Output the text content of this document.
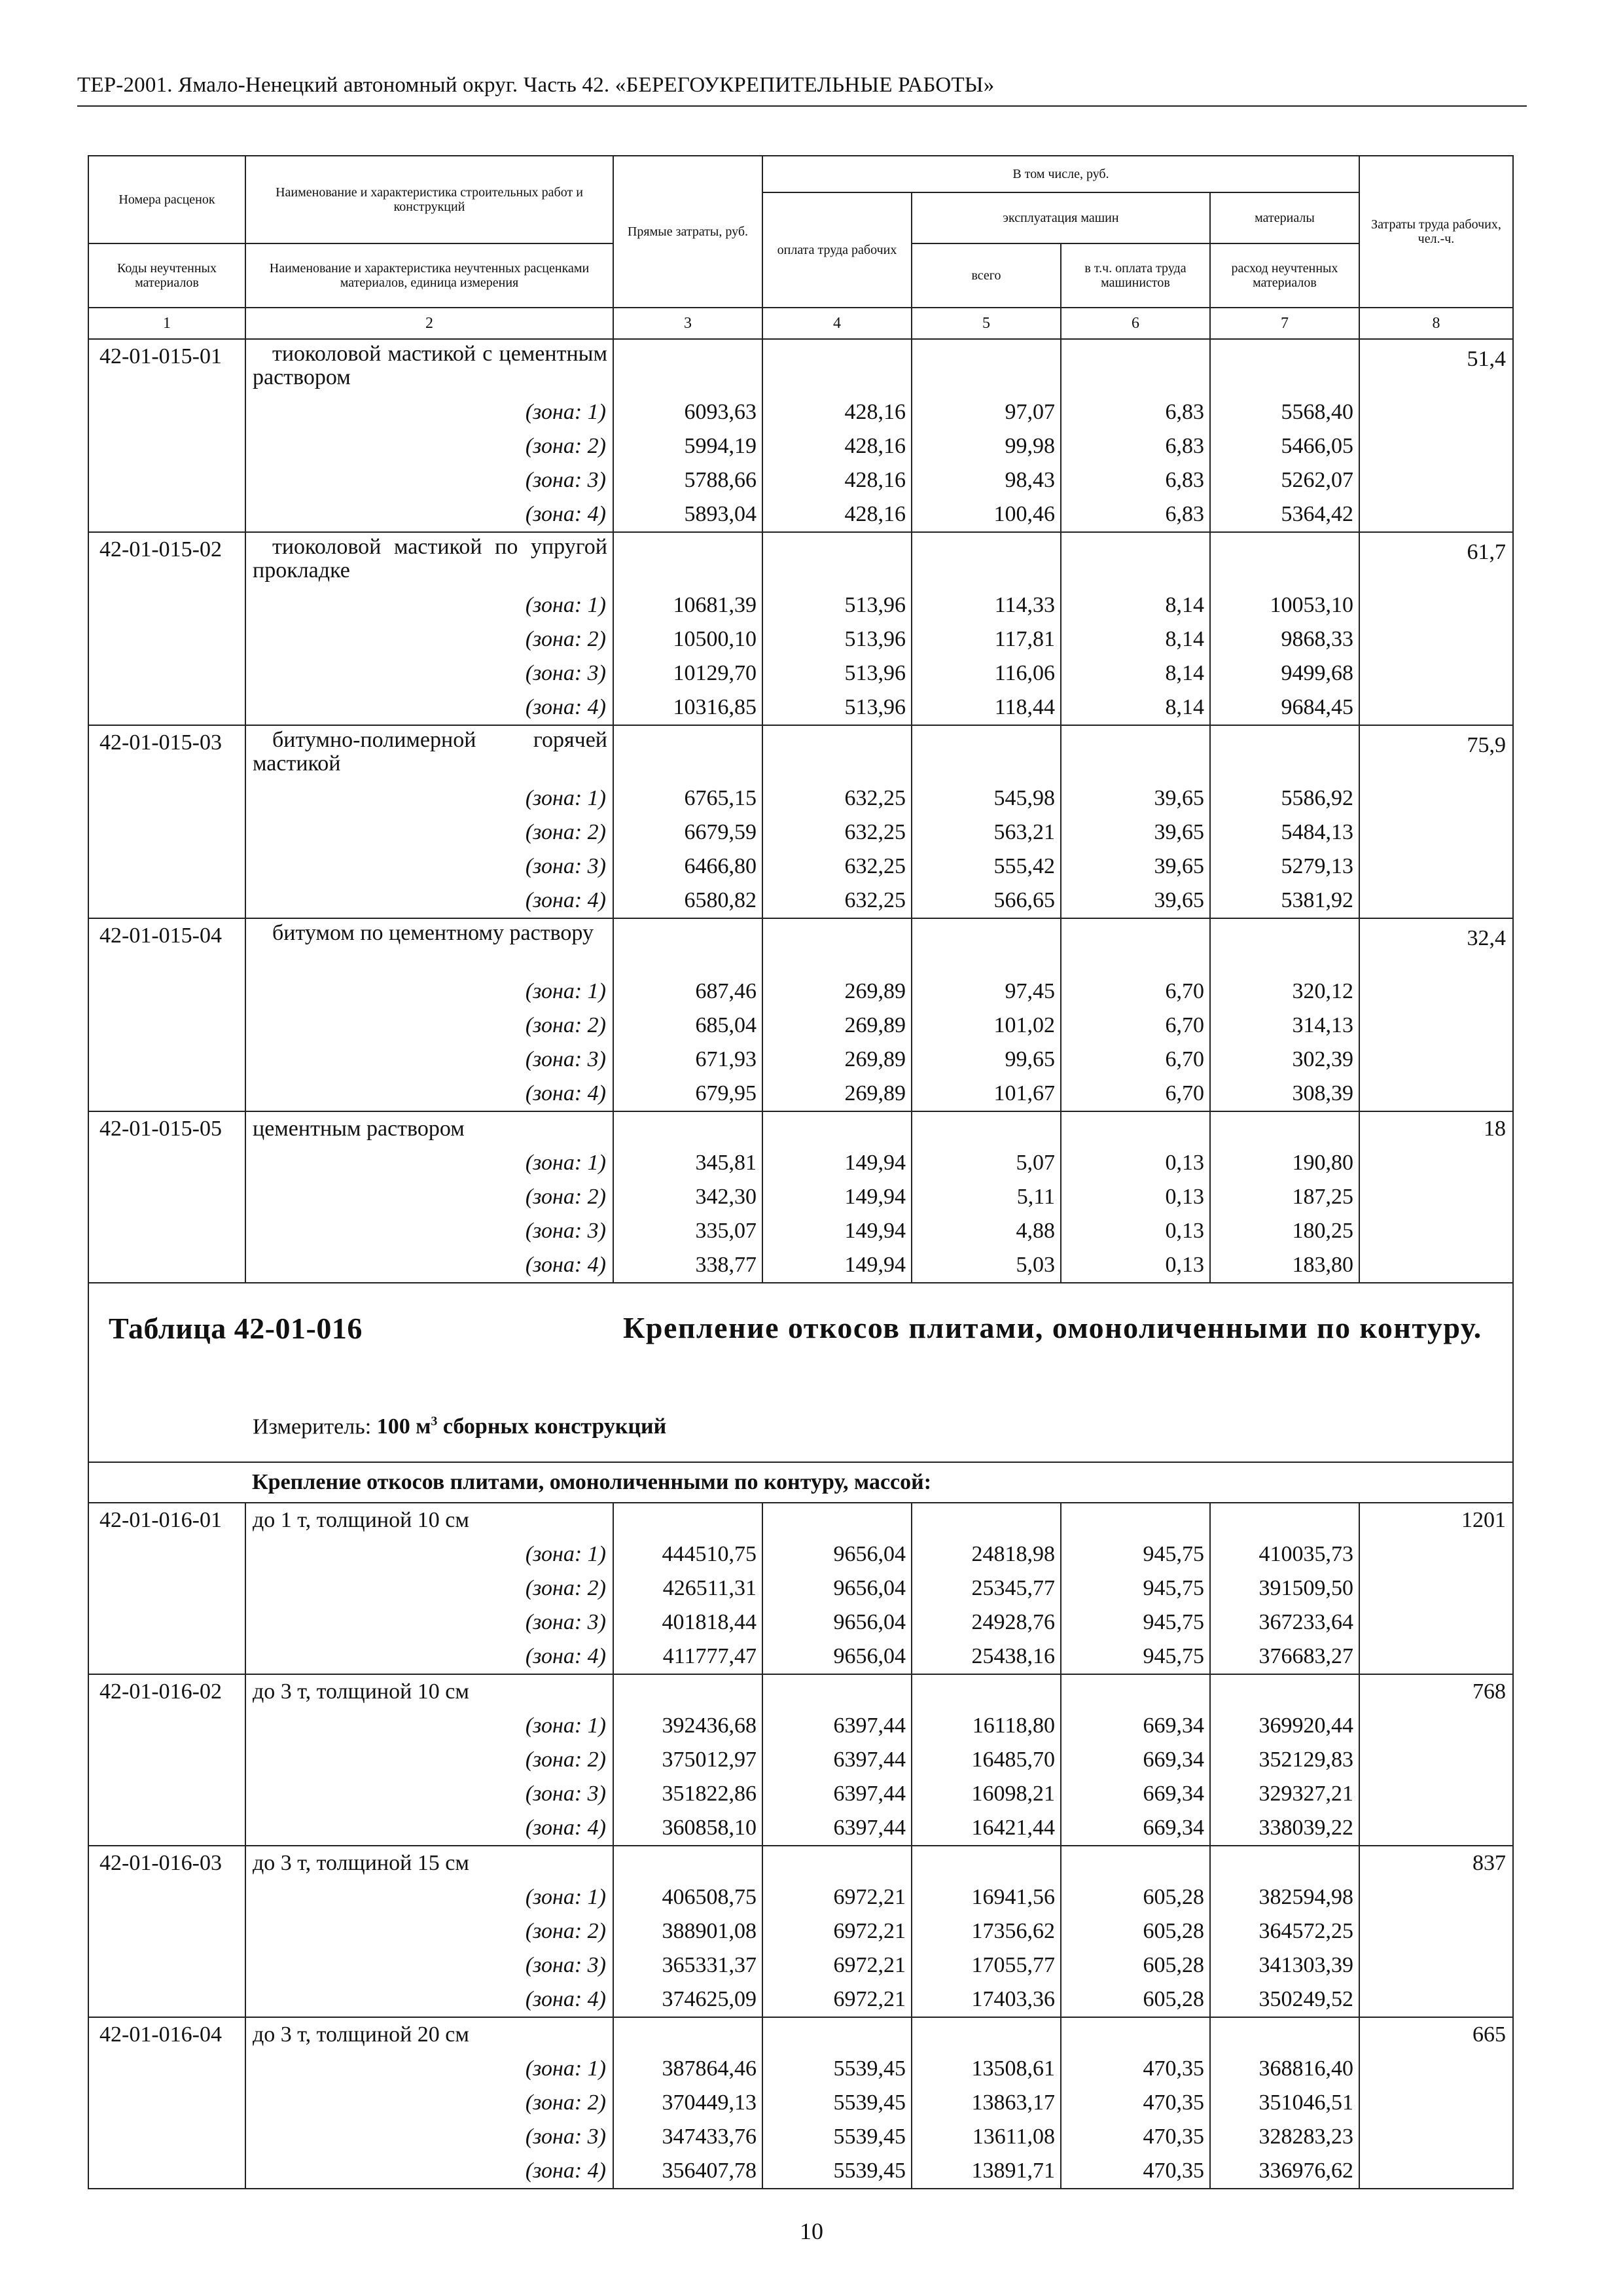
ТЕР-2001. Ямало-Ненецкий автономный округ. Часть 42. «БЕРЕГОУКРЕПИТЕЛЬНЫЕ РАБОТЫ»
Номера расценок	Наименование и характеристика строительных работ и конструкций	Прямые затраты, руб.	В том числе, руб.				Затраты труда рабочих, чел.-ч.
			оплата труда рабочих	эксплуатация машин		материалы	
Коды неучтенных материалов	Наименование и характеристика неучтенных расценками материалов, единица измерения			всего	в т.ч. оплата труда машинистов	расход неучтенных материалов	
1	2	3	4	5	6	7	8
42-01-015-01	тиоколовой мастикой с цементным раствором						51,4
	(зона: 1)	6093,63	428,16	97,07	6,83	5568,40	
	(зона: 2)	5994,19	428,16	99,98	6,83	5466,05	
	(зона: 3)	5788,66	428,16	98,43	6,83	5262,07	
	(зона: 4)	5893,04	428,16	100,46	6,83	5364,42	
42-01-015-02	тиоколовой мастикой по упругой прокладке						61,7
	(зона: 1)	10681,39	513,96	114,33	8,14	10053,10	
	(зона: 2)	10500,10	513,96	117,81	8,14	9868,33	
	(зона: 3)	10129,70	513,96	116,06	8,14	9499,68	
	(зона: 4)	10316,85	513,96	118,44	8,14	9684,45	
42-01-015-03	битумно-полимерной горячей мастикой						75,9
	(зона: 1)	6765,15	632,25	545,98	39,65	5586,92	
	(зона: 2)	6679,59	632,25	563,21	39,65	5484,13	
	(зона: 3)	6466,80	632,25	555,42	39,65	5279,13	
	(зона: 4)	6580,82	632,25	566,65	39,65	5381,92	
42-01-015-04	битумом по цементному раствору						32,4
	(зона: 1)	687,46	269,89	97,45	6,70	320,12	
	(зона: 2)	685,04	269,89	101,02	6,70	314,13	
	(зона: 3)	671,93	269,89	99,65	6,70	302,39	
	(зона: 4)	679,95	269,89	101,67	6,70	308,39	
42-01-015-05	цементным раствором						18
	(зона: 1)	345,81	149,94	5,07	0,13	190,80	
	(зона: 2)	342,30	149,94	5,11	0,13	187,25	
	(зона: 3)	335,07	149,94	4,88	0,13	180,25	
	(зона: 4)	338,77	149,94	5,03	0,13	183,80	

Таблица 42-01-016 Крепление откосов плитами, омоноличенными по контуру.
Измеритель: 100 $м^3$ сборных конструкций							

	Крепление откосов плитами, омоноличенными по контуру, массой:						
42-01-016-01	до 1 т, толщиной 10 см						1201
	(зона: 1)	444510,75	9656,04	24818,98	945,75	410035,73	
	(зона: 2)	426511,31	9656,04	25345,77	945,75	391509,50	
	(зона: 3)	401818,44	9656,04	24928,76	945,75	367233,64	
	(зона: 4)	411777,47	9656,04	25438,16	945,75	376683,27	
42-01-016-02	до 3 т, толщиной 10 см						768
	(зона: 1)	392436,68	6397,44	16118,80	669,34	369920,44	
	(зона: 2)	375012,97	6397,44	16485,70	669,34	352129,83	
	(зона: 3)	351822,86	6397,44	16098,21	669,34	329327,21	
	(зона: 4)	360858,10	6397,44	16421,44	669,34	338039,22	
42-01-016-03	до 3 т, толщиной 15 см						837
	(зона: 1)	406508,75	6972,21	16941,56	605,28	382594,98	
	(зона: 2)	388901,08	6972,21	17356,62	605,28	364572,25	
	(зона: 3)	365331,37	6972,21	17055,77	605,28	341303,39	
	(зона: 4)	374625,09	6972,21	17403,36	605,28	350249,52	
42-01-016-04	до 3 т, толщиной 20 см						665
	(зона: 1)	387864,46	5539,45	13508,61	470,35	368816,40	
	(зона: 2)	370449,13	5539,45	13863,17	470,35	351046,51	
	(зона: 3)	347433,76	5539,45	13611,08	470,35	328283,23	
	(зона: 4)	356407,78	5539,45	13891,71	470,35	336976,62	
10
